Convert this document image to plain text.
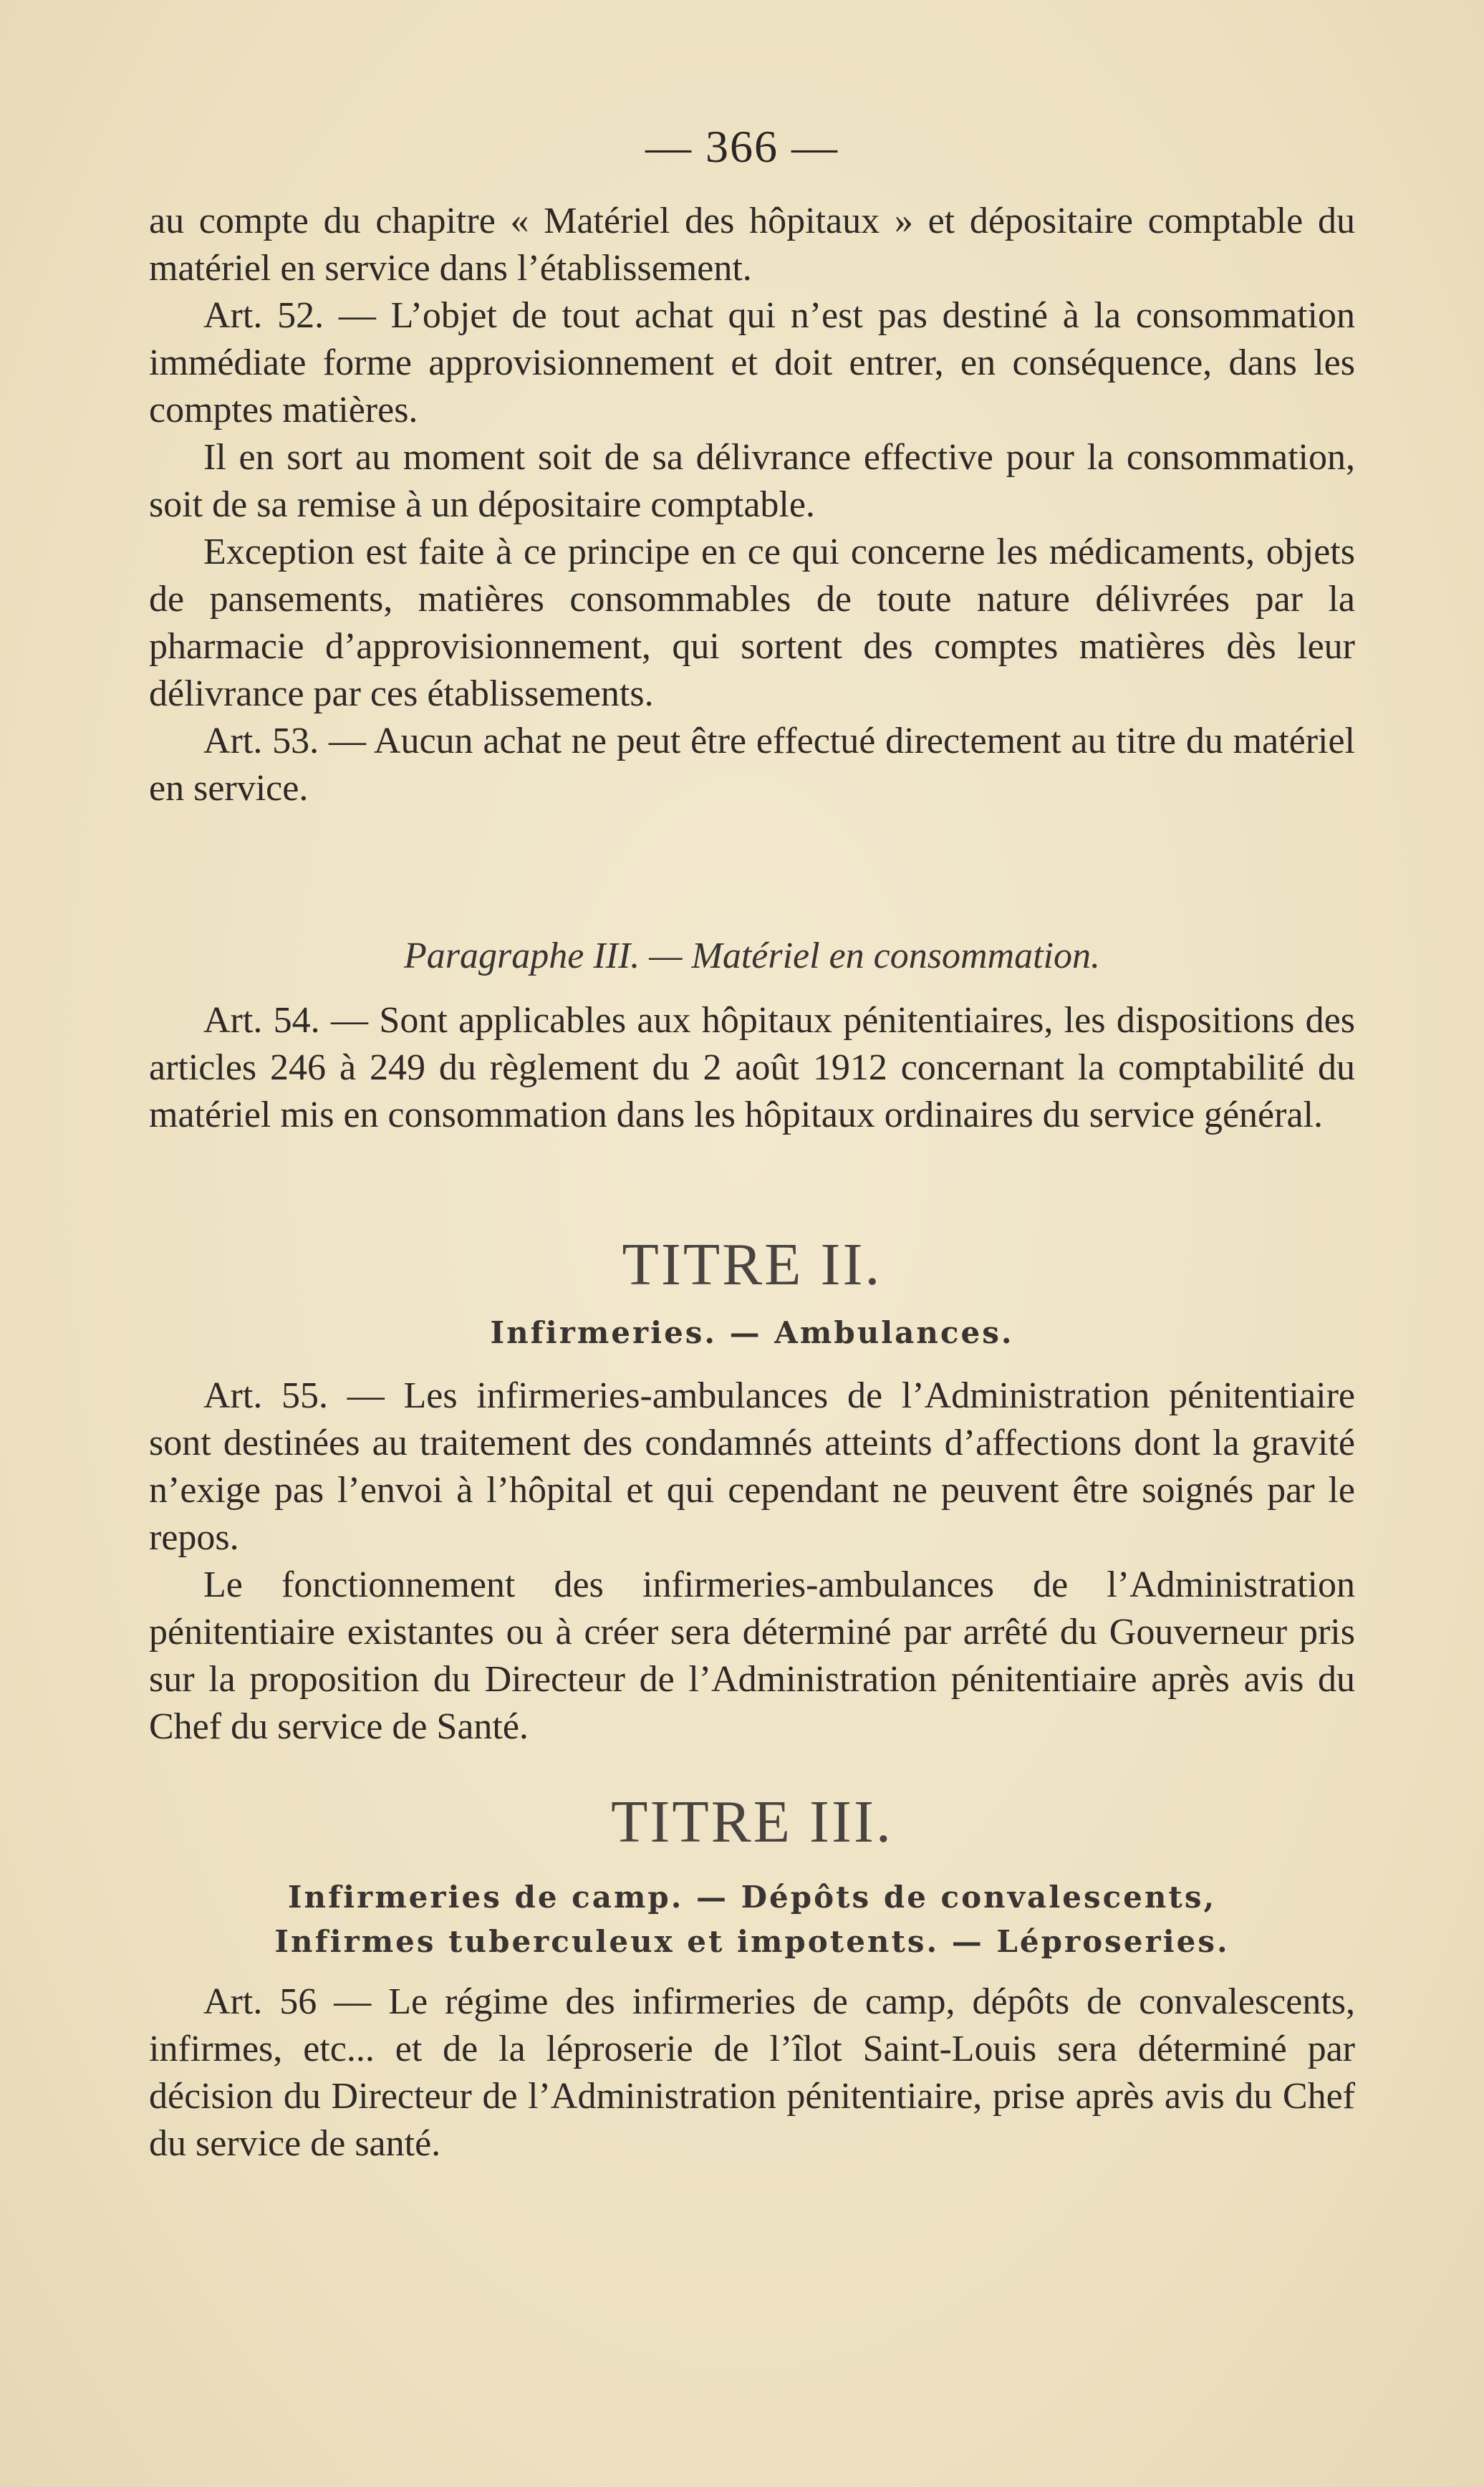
— 366 —

au compte du chapitre « Matériel des hôpitaux » et dépositaire comptable du matériel en service dans l’établissement.

Art. 52. — L’objet de tout achat qui n’est pas destiné à la consommation immédiate forme approvisionnement et doit entrer, en conséquence, dans les comptes matières.

Il en sort au moment soit de sa délivrance effective pour la consommation, soit de sa remise à un dépositaire comptable.

Exception est faite à ce principe en ce qui concerne les médicaments, objets de pansements, matières consommables de toute nature délivrées par la pharmacie d’approvisionnement, qui sortent des comptes matières dès leur délivrance par ces établissements.

Art. 53. — Aucun achat ne peut être effectué directement au titre du matériel en service.

Paragraphe III. — Matériel en consommation.

Art. 54. — Sont applicables aux hôpitaux pénitentiaires, les dispositions des articles 246 à 249 du règlement du 2 août 1912 concernant la comptabilité du matériel mis en consommation dans les hôpitaux ordinaires du service général.

TITRE II.
Infirmeries. — Ambulances.

Art. 55. — Les infirmeries-ambulances de l’Administration pénitentiaire sont destinées au traitement des condamnés atteints d’affections dont la gravité n’exige pas l’envoi à l’hôpital et qui cependant ne peuvent être soignés par le repos.

Le fonctionnement des infirmeries-ambulances de l’Administration pénitentiaire existantes ou à créer sera déterminé par arrêté du Gouverneur pris sur la proposition du Directeur de l’Administration pénitentiaire après avis du Chef du service de Santé.

TITRE III.
Infirmeries de camp. — Dépôts de convalescents,
Infirmes tuberculeux et impotents. — Léproseries.

Art. 56 — Le régime des infirmeries de camp, dépôts de convalescents, infirmes, etc... et de la léproserie de l’îlot Saint-Louis sera déterminé par décision du Directeur de l’Administration pénitentiaire, prise après avis du Chef du service de santé.
